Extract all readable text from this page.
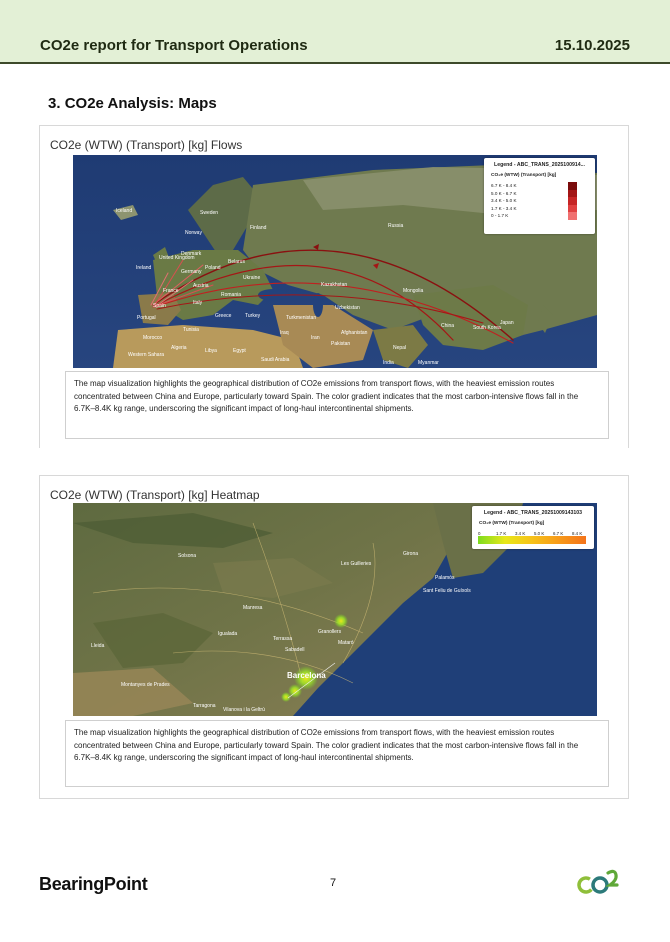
CO2e report for Transport Operations	15.10.2025
3. CO2e Analysis: Maps
CO2e (WTW) (Transport) [kg] Flows
Legend - ABC_TRANS_2025100914...
CO₂e (WTW) (Transport) [kg]
6.7 K - 8.4 K
5.0 K - 6.7 K
3.4 K - 5.0 K
1.7 K - 3.4 K
0 - 1.7 K
Iceland	Sweden
Finland
Norway
Russia
United Kingdom
Denmark
Ireland
Germany
Poland
Belarus
Ukraine
France
Austria
Romania
Kazakhstan
Mongolia
Spain
Portugal
Italy
Turkey
Greece	Turkmenistan
Uzbekistan
Tunisia
Morocco
Algeria	Libya	Egypt
Iran
Iraq	Afghanistan
Pakistan
China	South Korea
Japan
Nepal
India	Myanmar
Saudi Arabia
Western Sahara
The map visualization highlights the geographical distribution of CO2e emissions from transport flows, with the heaviest emission routes concentrated between China and Europe, particularly toward Spain. The color gradient indicates that the most carbon-intensive flows fall in the 6.7K–8.4K kg range, underscoring the significant impact of long-haul intercontinental shipments.
CO2e (WTW) (Transport) [kg] Heatmap
Legend - ABC_TRANS_20251009143103
CO₂e (WTW) (Transport) [kg]
0	1.7 K 3.4 K 5.0 K 6.7 K 8.4 K
Girona
Les Guilleries
Manresa
Terrassa
Mataró
Granollers
Sabadell
Barcelona
Montanyes de Prades
Tarragona
Igualada
Solsona
Lleida
Vilanova i la Geltrú
Palamós
Sant Feliu de Guíxols
The map visualization highlights the geographical distribution of CO2e emissions from transport flows, with the heaviest emission routes concentrated between China and Europe, particularly toward Spain. The color gradient indicates that the most carbon-intensive flows fall in the 6.7K–8.4K kg range, underscoring the significant impact of long-haul intercontinental shipments.
BearingPoint	7
